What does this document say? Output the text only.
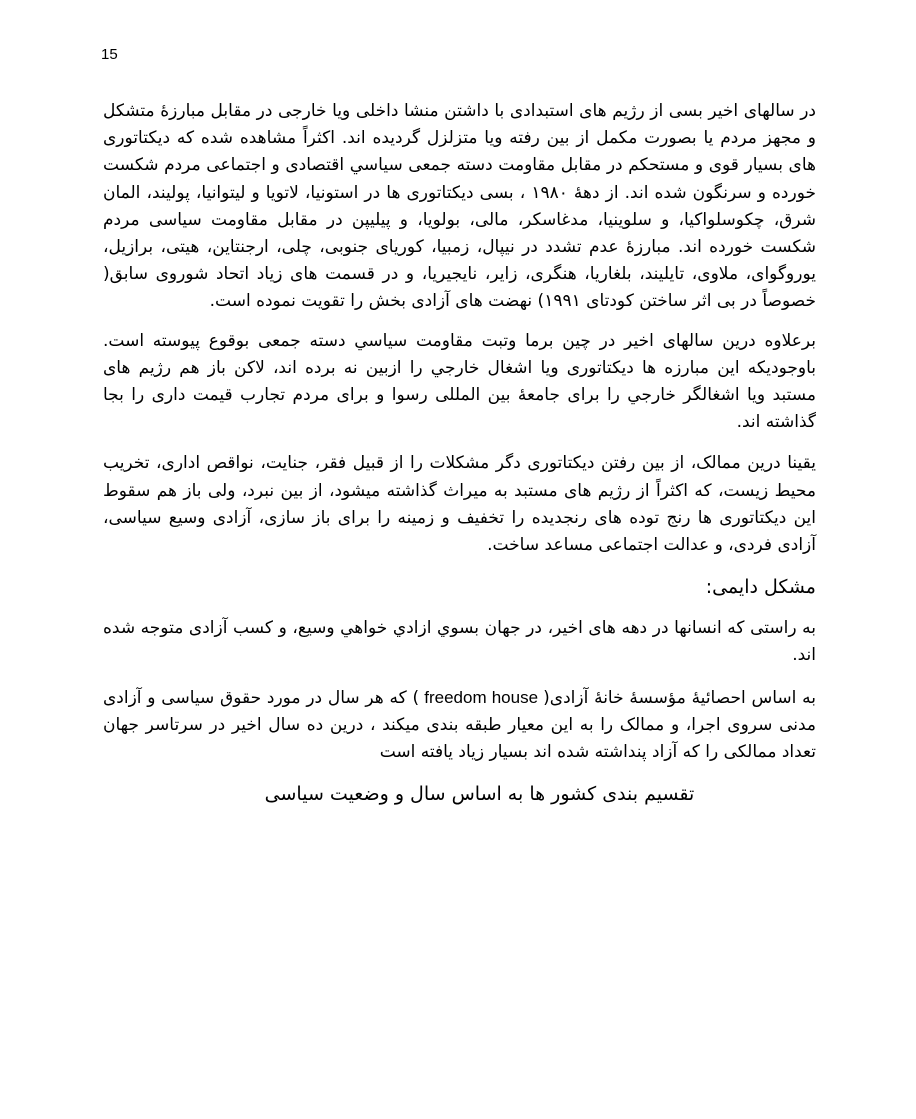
15

در سالهای اخیر بسی از رژیم های استبدادی با داشتن منشا داخلی ویا خارجی در مقابل مبارزهٔ متشکل و مجهز مردم یا بصورت مکمل از بین رفته ویا متزلزل گردیده اند. اکثراً مشاهده شده که دیکتاتوری های بسیار قوی و مستحکم در مقابل مقاومت دسته جمعی سیاسي اقتصادی و اجتماعی مردم شکست خورده و سرنگون شده اند. از دههٔ ۱۹۸۰ ، بسی دیکتاتوری ها در استونیا، لاتویا و لیتوانیا، پولیند، المان شرق، چکوسلواکیا، و سلوینیا، مدغاسکر، مالی، بولویا، و پیلیپن در مقابل مقاومت سیاسی مردم شکست خورده اند. مبارزهٔ عدم تشدد در نیپال، زمبیا، کوریای جنوبی، چلی، ارجنتاین، هیتی، برازیل، یوروگوای، ملاوی، تایلیند، بلغاریا، هنگری، زایر، نایجیریا، و در قسمت های زیاد اتحاد شوروی سابق( خصوصاً در بی اثر ساختن کودتای ۱۹۹۱) نهضت های آزادی بخش را تقویت نموده است.

برعلاوه درین سالهای اخیر در چین برما وتبت مقاومت سیاسي دسته جمعی بوقوع پیوسته است. باوجودیکه این مبارزه ها دیکتاتوری ویا اشغال خارجي را ازبین نه برده اند، لاکن باز هم رژیم های مستبد ویا اشغالگر خارجي را برای جامعهٔ بین المللی رسوا و برای مردم تجارب قیمت داری را بجا گذاشته اند.

یقینا درین ممالک، از بین رفتن دیکتاتوری دگر مشکلات را از قبیل فقر، جنایت، نواقص اداری، تخریب محیط زیست، که اکثراً از رژیم های مستبد به میراث گذاشته میشود، از بین نبرد، ولی باز هم سقوط این دیکتاتوری ها رنج توده های رنجدیده را تخفیف و زمینه را برای باز سازی، آزادی وسیع سیاسی، آزادی فردی، و عدالت اجتماعی مساعد ساخت.

مشکل دایمی:

به راستی که انسانها در دهه های اخیر، در جهان بسوي ازادي خواهي وسیع، و کسب آزادی متوجه شده اند.

به اساس احصائیهٔ مؤسسهٔ خانهٔ آزادی( freedom house ) که هر سال در مورد حقوق سیاسی و آزادی مدنی سروی اجرا، و ممالک را به این معیار طبقه بندی میکند ، درین ده سال اخیر در سرتاسر جهان تعداد ممالکی را که آزاد پنداشته شده اند بسیار زیاد یافته است

تقسیم بندی کشور ها به اساس سال و وضعیت سیاسی
